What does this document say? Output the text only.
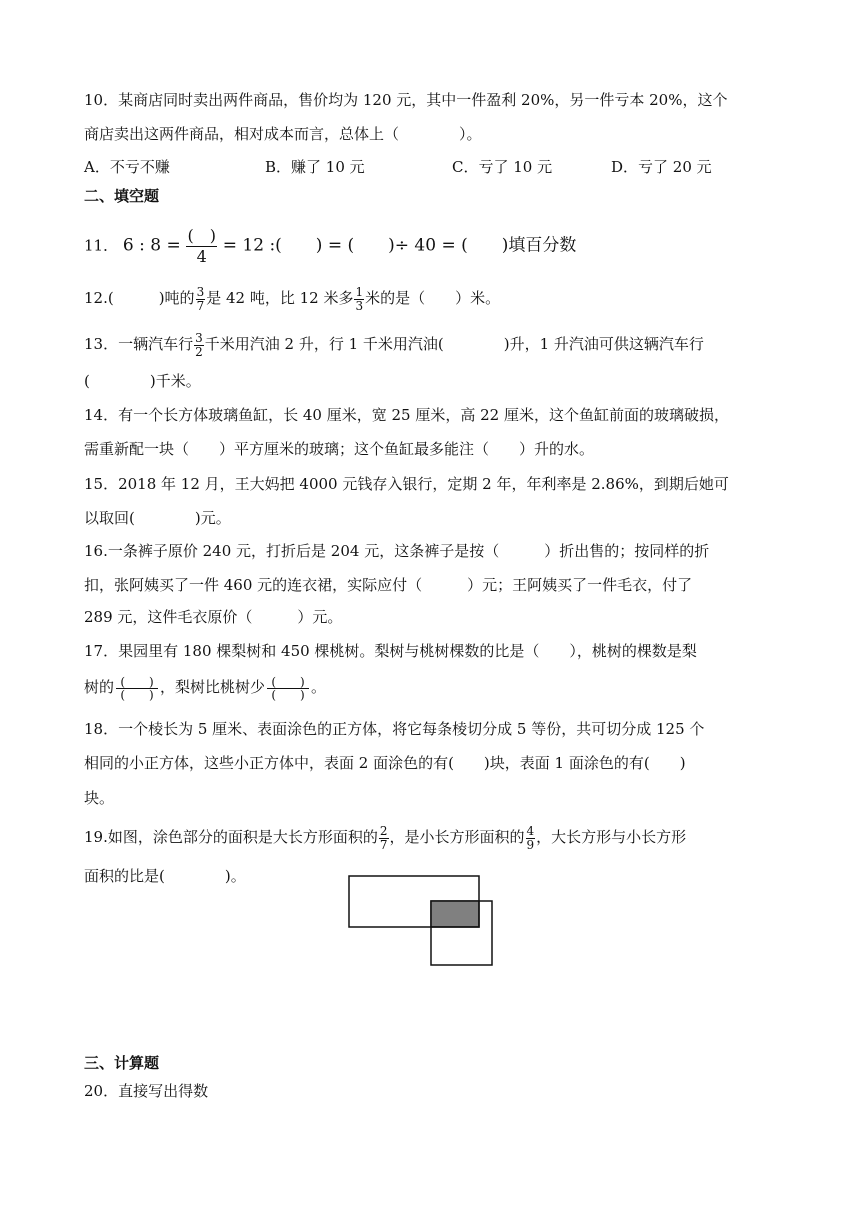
10．某商店同时卖出两件商品，售价均为 120 元，其中一件盈利 20%，另一件亏本 20%，这个
商店卖出这两件商品，相对成本而言，总体上（　　　　）。
A．不亏不赚	B．赚了 10 元	C．亏了 10 元	D．亏了 20 元
二、填空题
11． 6 : $8 = \frac{( )}{4} = 12$ :(　　) = (　　)÷ 40 = (　　)填百分数
12.(　　　)吨的 $\frac{3}{7}$ 是 42 吨，比 12 米多 $\frac{1}{3}$ 米的是（　　）米。
13．一辆汽车行 $\frac{3}{2}$ 千米用汽油 2 升，行 1 千米用汽油(　　　　)升，1 升汽油可供这辆汽车行
(　　　　)千米。
14．有一个长方体玻璃鱼缸，长 40 厘米，宽 25 厘米，高 22 厘米，这个鱼缸前面的玻璃破损，
需重新配一块（　　）平方厘米的玻璃；这个鱼缸最多能注（　　）升的水。
15．2018 年 12 月，王大妈把 4000 元钱存入银行，定期 2 年，年利率是 2.86%，到期后她可
以取回(　　　　)元。
16.一条裤子原价 240 元，打折后是 204 元，这条裤子是按（　　　）折出售的；按同样的折
扣，张阿姨买了一件 460 元的连衣裙，实际应付（　　　）元；王阿姨买了一件毛衣，付了
289 元，这件毛衣原价（　　　）元。
17．果园里有 180 棵梨树和 450 棵桃树。梨树与桃树棵数的比是（　　），桃树的棵数是梨
树的 $\frac{( )}{( )}$ ，梨树比桃树少 $\frac{( )}{( )}$ 。
18．一个棱长为 5 厘米、表面涂色的正方体，将它每条棱切分成 5 等份，共可切分成 125 个
相同的小正方体，这些小正方体中，表面 2 面涂色的有(　　)块，表面 1 面涂色的有(　　)
块。
19.如图，涂色部分的面积是大长方形面积的 $\frac{2}{7}$ ，是小长方形面积的 $\frac{4}{9}$ ，大长方形与小长方形
面积的比是(　　　　)。
三、计算题
20．直接写出得数
